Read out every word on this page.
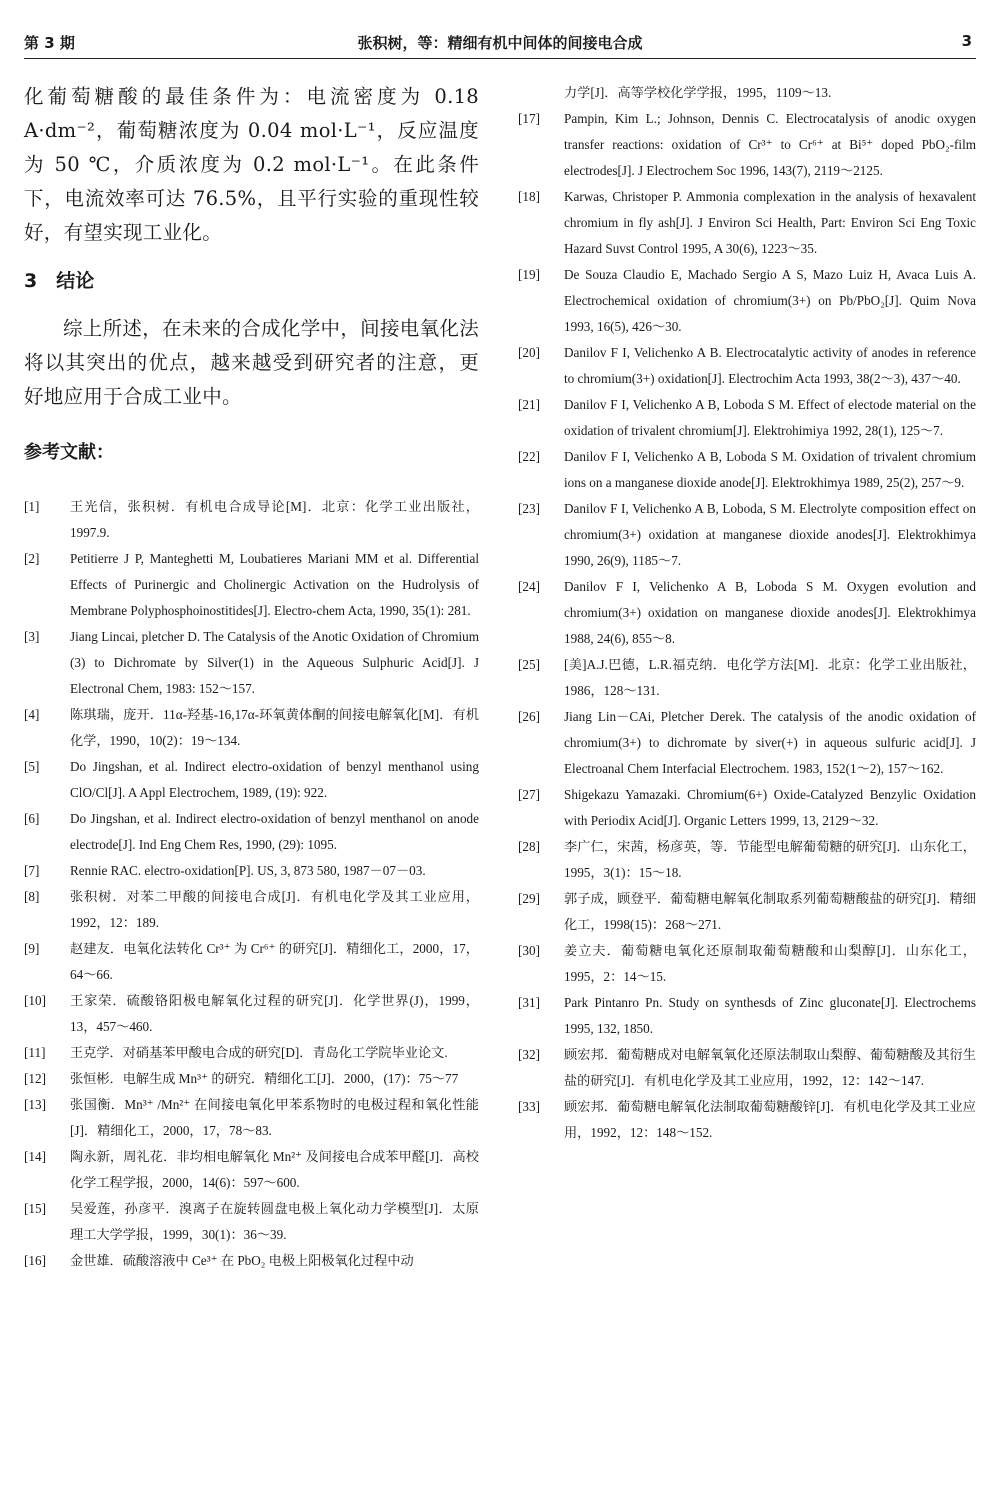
第 3 期	张积树，等：精细有机中间体的间接电合成	3

化葡萄糖酸的最佳条件为：电流密度为 0.18 A·dm⁻²，葡萄糖浓度为 0.04 mol·L⁻¹，反应温度为 50 ℃，介质浓度为 0.2 mol·L⁻¹。在此条件下，电流效率可达 76.5%，且平行实验的重现性较好，有望实现工业化。

3　结论

综上所述，在未来的合成化学中，间接电氧化法将以其突出的优点，越来越受到研究者的注意，更好地应用于合成工业中。

参考文献：
[1]	王光信，张积树．有机电合成导论[M]．北京：化学工业出版社，1997.9.
[2]	Petitierre J P, Manteghetti M, Loubatieres Mariani MM et al. Differential Effects of Purinergic and Cholinergic Activation on the Hudrolysis of Membrane Polyphosphoinostitides[J]. Electro-chem Acta, 1990, 35(1): 281.
[3]	Jiang Lincai, pletcher D. The Catalysis of the Anotic Oxidation of Chromium (3) to Dichromate by Silver(1) in the Aqueous Sulphuric Acid[J]. J Electronal Chem, 1983: 152～157.
[4]	陈琪瑞，庞开．11α-羟基-16,17α-环氧黄体酮的间接电解氧化[M]．有机化学，1990，10(2)：19～134.
[5]	Do Jingshan, et al. Indirect electro-oxidation of benzyl menthanol using ClO/Cl[J]. A Appl Electrochem, 1989, (19): 922.
[6]	Do Jingshan, et al. Indirect electro-oxidation of benzyl menthanol on anode electrode[J]. Ind Eng Chem Res, 1990, (29): 1095.
[7]	Rennie RAC. electro-oxidation[P]. US, 3, 873 580, 1987－07－03.
[8]	张积树．对苯二甲酸的间接电合成[J]．有机电化学及其工业应用，1992，12：189.
[9]	赵建友．电氧化法转化 Cr³⁺ 为 Cr⁶⁺ 的研究[J]．精细化工，2000，17，64～66.
[10]	王家荣．硫酸铬阳极电解氧化过程的研究[J]．化学世界(J)，1999，13，457～460.
[11]	王克学．对硝基苯甲酸电合成的研究[D]．青岛化工学院毕业论文.
[12]	张恒彬．电解生成 Mn³⁺ 的研究．精细化工[J]．2000，(17)：75～77
[13]	张国衡．Mn³⁺ /Mn²⁺ 在间接电氧化甲苯系物时的电极过程和氧化性能[J]．精细化工，2000，17，78～83.
[14]	陶永新，周礼花．非均相电解氧化 Mn²⁺ 及间接电合成苯甲醛[J]．高校化学工程学报，2000，14(6)：597～600.
[15]	吴爱莲，孙彦平．溴离子在旋转圆盘电极上氧化动力学模型[J]．太原理工大学学报，1999，30(1)：36～39.
[16]	金世雄．硫酸溶液中 Ce³⁺ 在 PbO₂ 电极上阳极氧化过程中动
力学[J]．高等学校化学学报，1995，1109～13.
[17]	Pampin, Kim L.; Johnson, Dennis C. Electrocatalysis of anodic oxygen transfer reactions: oxidation of Cr³⁺ to Cr⁶⁺ at Bi⁵⁺ doped PbO₂-film electrodes[J]. J Electrochem Soc 1996, 143(7), 2119～2125.
[18]	Karwas, Christoper P. Ammonia complexation in the analysis of hexavalent chromium in fly ash[J]. J Environ Sci Health, Part: Environ Sci Eng Toxic Hazard Suvst Control 1995, A 30(6), 1223～35.
[19]	De Souza Claudio E, Machado Sergio A S, Mazo Luiz H, Avaca Luis A. Electrochemical oxidation of chromium(3+) on Pb/PbO₂[J]. Quim Nova 1993, 16(5), 426～30.
[20]	Danilov F I, Velichenko A B. Electrocatalytic activity of anodes in reference to chromium(3+) oxidation[J]. Electrochim Acta 1993, 38(2～3), 437～40.
[21]	Danilov F I, Velichenko A B, Loboda S M. Effect of electode material on the oxidation of trivalent chromium[J]. Elektrohimiya 1992, 28(1), 125～7.
[22]	Danilov F I, Velichenko A B, Loboda S M. Oxidation of trivalent chromium ions on a manganese dioxide anode[J]. Elektrokhimya 1989, 25(2), 257～9.
[23]	Danilov F I, Velichenko A B, Loboda, S M. Electrolyte composition effect on chromium(3+) oxidation at manganese dioxide anodes[J]. Elektrokhimya 1990, 26(9), 1185～7.
[24]	Danilov F I, Velichenko A B, Loboda S M. Oxygen evolution and chromium(3+) oxidation on manganese dioxide anodes[J]. Elektrokhimya 1988, 24(6), 855～8.
[25]	[美]A.J.巴德，L.R.福克纳．电化学方法[M]．北京：化学工业出版社，1986，128～131.
[26]	Jiang Lin－CAi, Pletcher Derek. The catalysis of the anodic oxidation of chromium(3+) to dichromate by siver(+) in aqueous sulfuric acid[J]. J Electroanal Chem Interfacial Electrochem. 1983, 152(1～2), 157～162.
[27]	Shigekazu Yamazaki. Chromium(6+) Oxide-Catalyzed Benzylic Oxidation with Periodix Acid[J]. Organic Letters 1999, 13, 2129～32.
[28]	李广仁，宋茜，杨彦英，等．节能型电解葡萄糖的研究[J]．山东化工，1995，3(1)：15～18.
[29]	郭子成，顾登平．葡萄糖电解氧化制取系列葡萄糖酸盐的研究[J]．精细化工，1998(15)：268～271.
[30]	姜立夫．葡萄糖电氧化还原制取葡萄糖酸和山梨醇[J]．山东化工，1995，2：14～15.
[31]	Park Pintanro Pn. Study on synthesds of Zinc gluconate[J]. Electrochems 1995, 132, 1850.
[32]	顾宏邦．葡萄糖成对电解氧氧化还原法制取山梨醇、葡萄糖酸及其衍生盐的研究[J]．有机电化学及其工业应用，1992，12：142～147.
[33]	顾宏邦．葡萄糖电解氧化法制取葡萄糖酸锌[J]．有机电化学及其工业应用，1992，12：148～152.
